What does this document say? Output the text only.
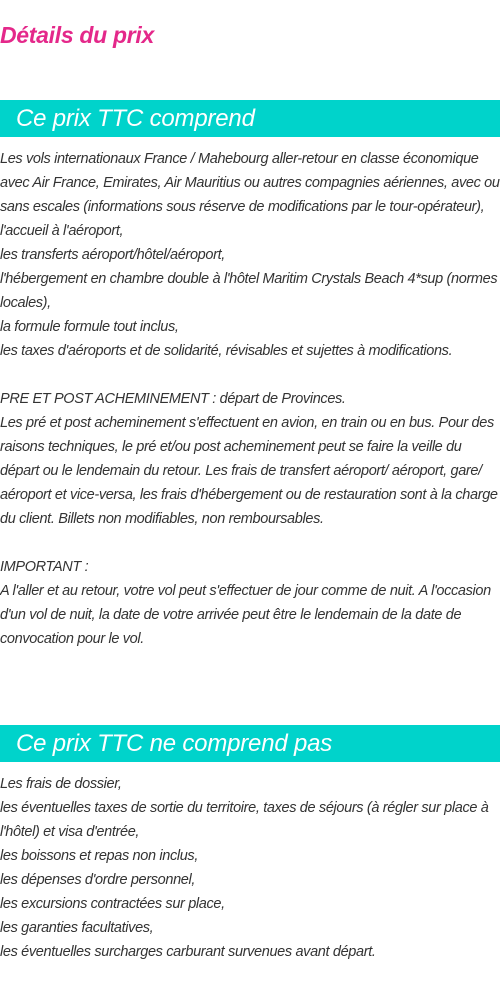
Détails du prix
Ce prix TTC comprend
Les vols internationaux France / Mahebourg aller-retour en classe économique avec Air France, Emirates, Air Mauritius ou autres compagnies aériennes, avec ou sans escales (informations sous réserve de modifications par le tour-opérateur),
l'accueil à l'aéroport,
les transferts aéroport/hôtel/aéroport,
l'hébergement en chambre double à l'hôtel Maritim Crystals Beach 4*sup (normes locales),
la formule formule tout inclus,
les taxes d'aéroports et de solidarité, révisables et sujettes à modifications.
PRE ET POST ACHEMINEMENT : départ de Provinces.
Les pré et post acheminement s'effectuent en avion, en train ou en bus. Pour des raisons techniques, le pré et/ou post acheminement peut se faire la veille du départ ou le lendemain du retour. Les frais de transfert aéroport/ aéroport, gare/ aéroport et vice-versa, les frais d'hébergement ou de restauration sont à la charge du client. Billets non modifiables, non remboursables.
IMPORTANT :
A l'aller et au retour, votre vol peut s'effectuer de jour comme de nuit. A l'occasion d'un vol de nuit, la date de votre arrivée peut être le lendemain de la date de convocation pour le vol.
Ce prix TTC ne comprend pas
Les frais de dossier,
les éventuelles taxes de sortie du territoire, taxes de séjours (à régler sur place à l'hôtel) et visa d'entrée,
les boissons et repas non inclus,
les dépenses d'ordre personnel,
les excursions contractées sur place,
les garanties facultatives,
les éventuelles surcharges carburant survenues avant départ.
